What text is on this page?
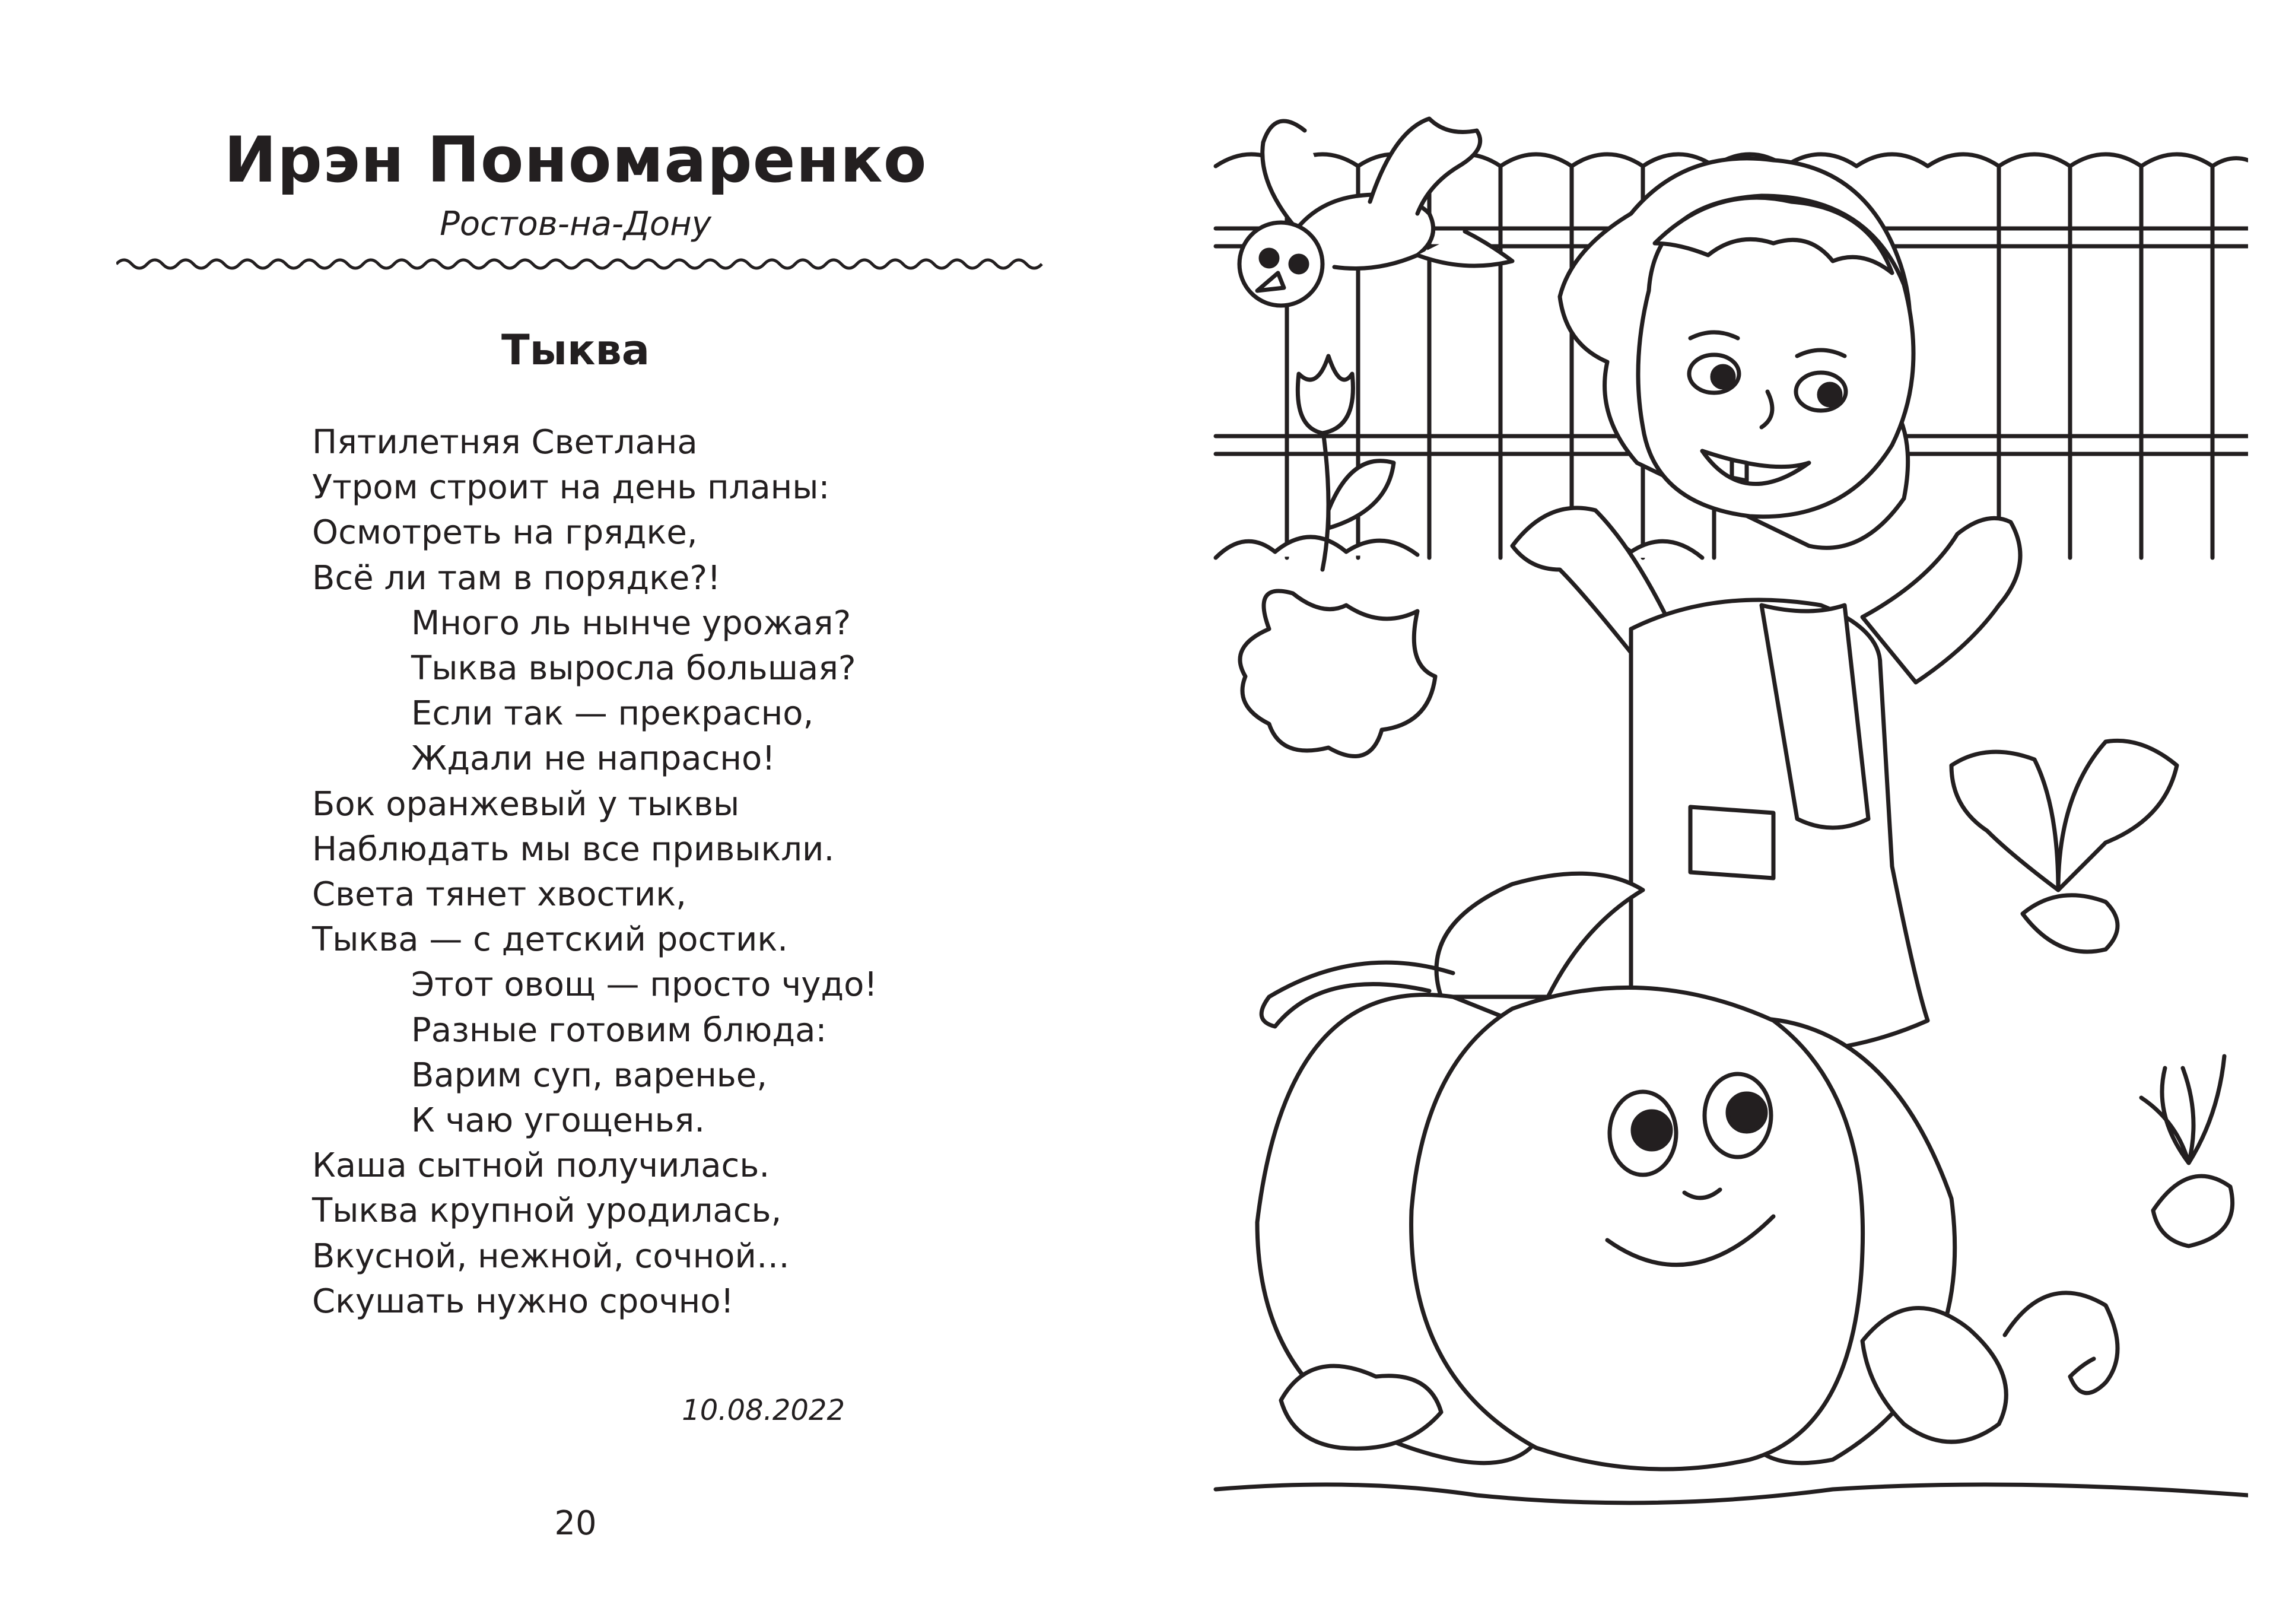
Ирэн Пономаренко
Ростов-на-Дону
Тыква
Пятилетняя Светлана
Утром строит на день планы:
Осмотреть на грядке,
Всё ли там в порядке?!
Много ль нынче урожая?
Тыква выросла большая?
Если так — прекрасно,
Ждали не напрасно!
Бок оранжевый у тыквы
Наблюдать мы все привыкли.
Света тянет хвостик,
Тыква — с детский ростик.
Этот овощ — просто чудо!
Разные готовим блюда:
Варим суп, варенье,
К чаю угощенья.
Каша сытной получилась.
Тыква крупной уродилась,
Вкусной, нежной, сочной…
Скушать нужно срочно!
10.08.2022
20
